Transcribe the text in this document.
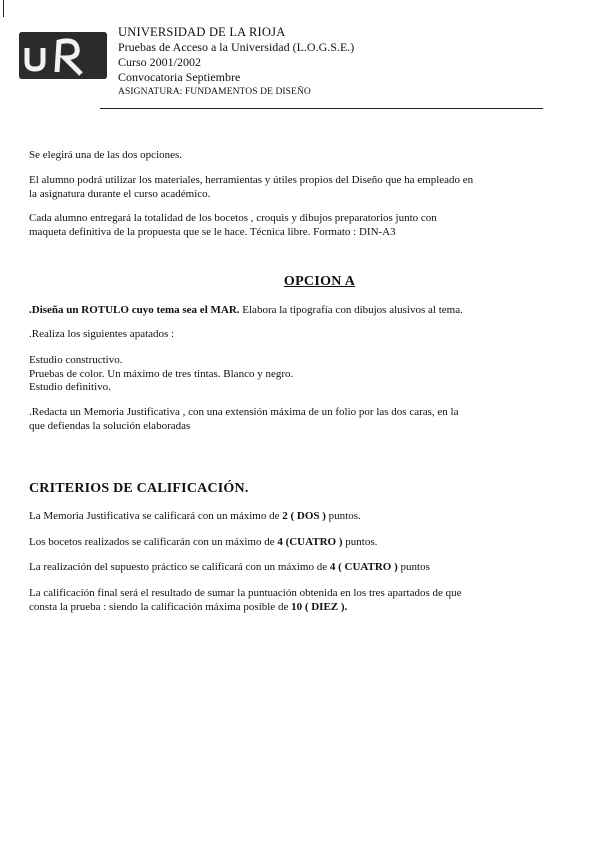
UNIVERSIDAD DE LA RIOJA
Pruebas de Acceso a la Universidad (L.O.G.S.E.)
Curso 2001/2002
Convocatoria Septiembre
ASIGNATURA: FUNDAMENTOS DE DISEÑO
Se elegirá una de las dos opciones.
El alumno podrá utilizar los materiales, herramientas y útiles propios del Diseño que ha empleado en
la asignatura durante el curso académico.
Cada alumno entregará la totalidad de los bocetos , croquis y dibujos preparatorios junto con
maqueta definitiva de la propuesta que se le hace. Técnica libre. Formato : DIN-A3
OPCION A
.Diseña un ROTULO cuyo tema sea el MAR. Elabora la tipografía con dibujos alusivos al tema.
.Realiza los siguientes apatados :
Estudio constructivo.
Pruebas de color. Un máximo de tres tintas. Blanco y negro.
Estudio definitivo.
.Redacta un Memoria Justificativa , con una extensión máxima de un folio por las dos caras, en la
que defiendas la solución elaboradas
CRITERIOS DE CALIFICACIÓN.
La Memoria Justificativa se calificará con un máximo de 2 ( DOS ) puntos.
Los bocetos realizados se calificarán con un máximo de 4 (CUATRO ) puntos.
La realización del supuesto práctico se calificará con un máximo de 4 ( CUATRO ) puntos
La calificación final será el resultado de sumar la puntuación obtenida en los tres apartados de que
consta la prueba : siendo la calificación máxima posible de 10 ( DIEZ ).
